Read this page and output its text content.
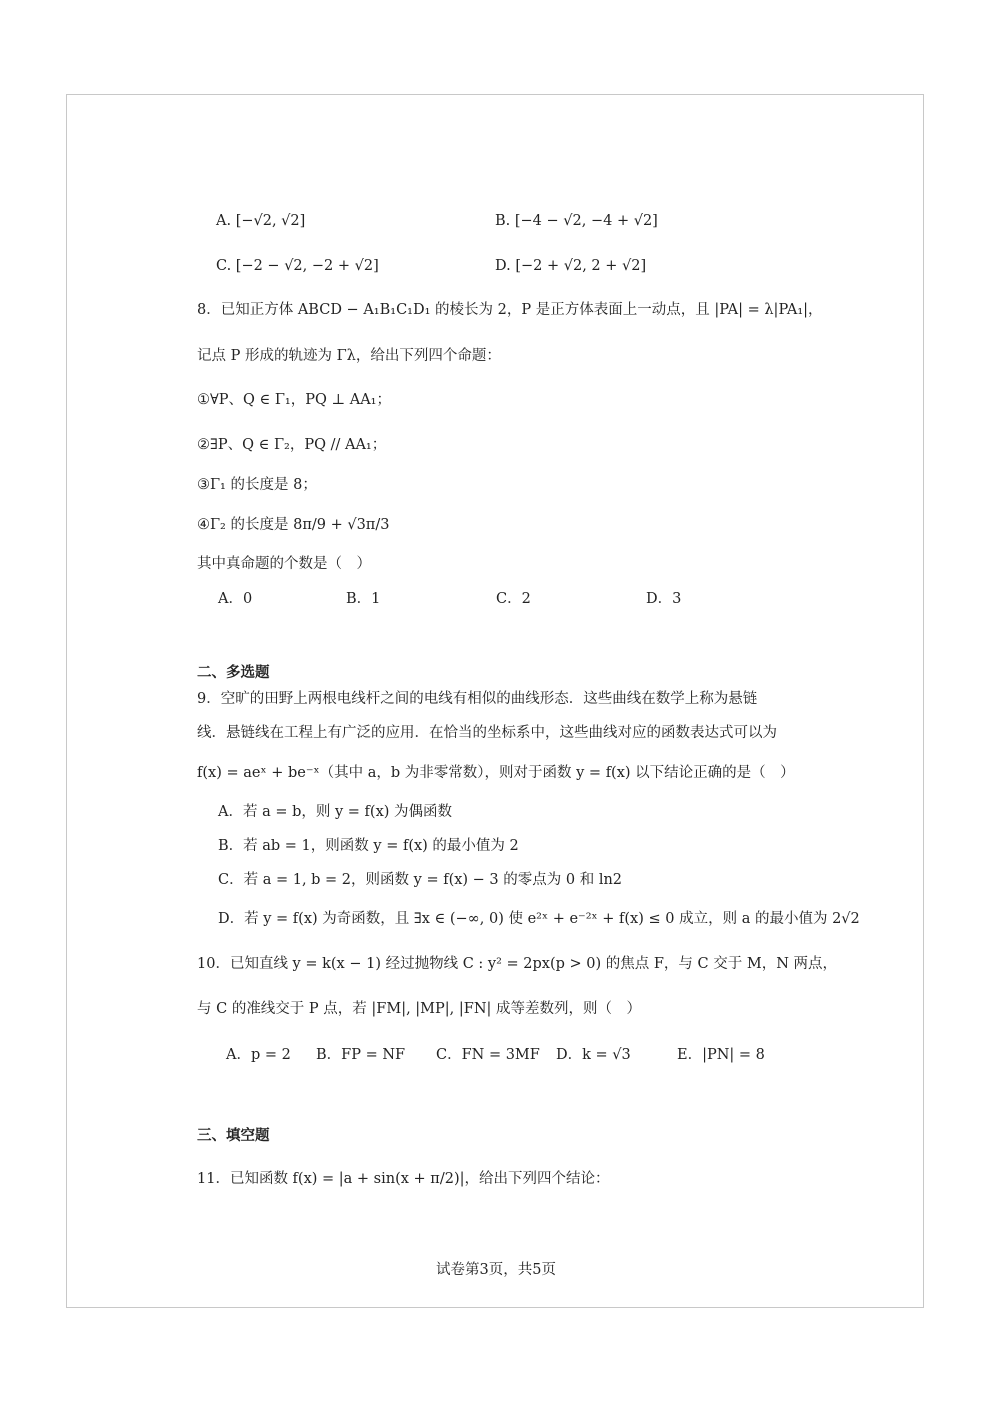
A. [−√2, √2]	B. [−4 − √2, −4 + √2]
C. [−2 − √2, −2 + √2]	D. [−2 + √2, 2 + √2]
8．已知正方体 ABCD − A₁B₁C₁D₁ 的棱长为 2，P 是正方体表面上一动点，且 |PA| = λ|PA₁|，
记点 P 形成的轨迹为 Γλ，给出下列四个命题：
①∀P、Q ∈ Γ₁，PQ ⊥ AA₁；
②∃P、Q ∈ Γ₂，PQ // AA₁；
③Γ₁ 的长度是 8；
④Γ₂ 的长度是 8π/9 + √3π/3
其中真命题的个数是（　）
A．0	B．1	C．2	D．3
二、多选题
9．空旷的田野上两根电线杆之间的电线有相似的曲线形态．这些曲线在数学上称为悬链
线．悬链线在工程上有广泛的应用．在恰当的坐标系中，这些曲线对应的函数表达式可以为
f(x) = aeˣ + be⁻ˣ（其中 a，b 为非零常数），则对于函数 y = f(x) 以下结论正确的是（　）
A．若 a = b，则 y = f(x) 为偶函数
B．若 ab = 1，则函数 y = f(x) 的最小值为 2
C．若 a = 1, b = 2，则函数 y = f(x) − 3 的零点为 0 和 ln2
D．若 y = f(x) 为奇函数，且 ∃x ∈ (−∞, 0) 使 e²ˣ + e⁻²ˣ + f(x) ≤ 0 成立，则 a 的最小值为 2√2
10．已知直线 y = k(x − 1) 经过抛物线 C : y² = 2px(p > 0) 的焦点 F，与 C 交于 M，N 两点，
与 C 的准线交于 P 点，若 |FM|, |MP|, |FN| 成等差数列，则（　）
A．p = 2 B．FP = NF C．FN = 3MF D．k = √3	E．|PN| = 8
三、填空题
11．已知函数 f(x) = |a + sin(x + π/2)|，给出下列四个结论：
试卷第3页，共5页
